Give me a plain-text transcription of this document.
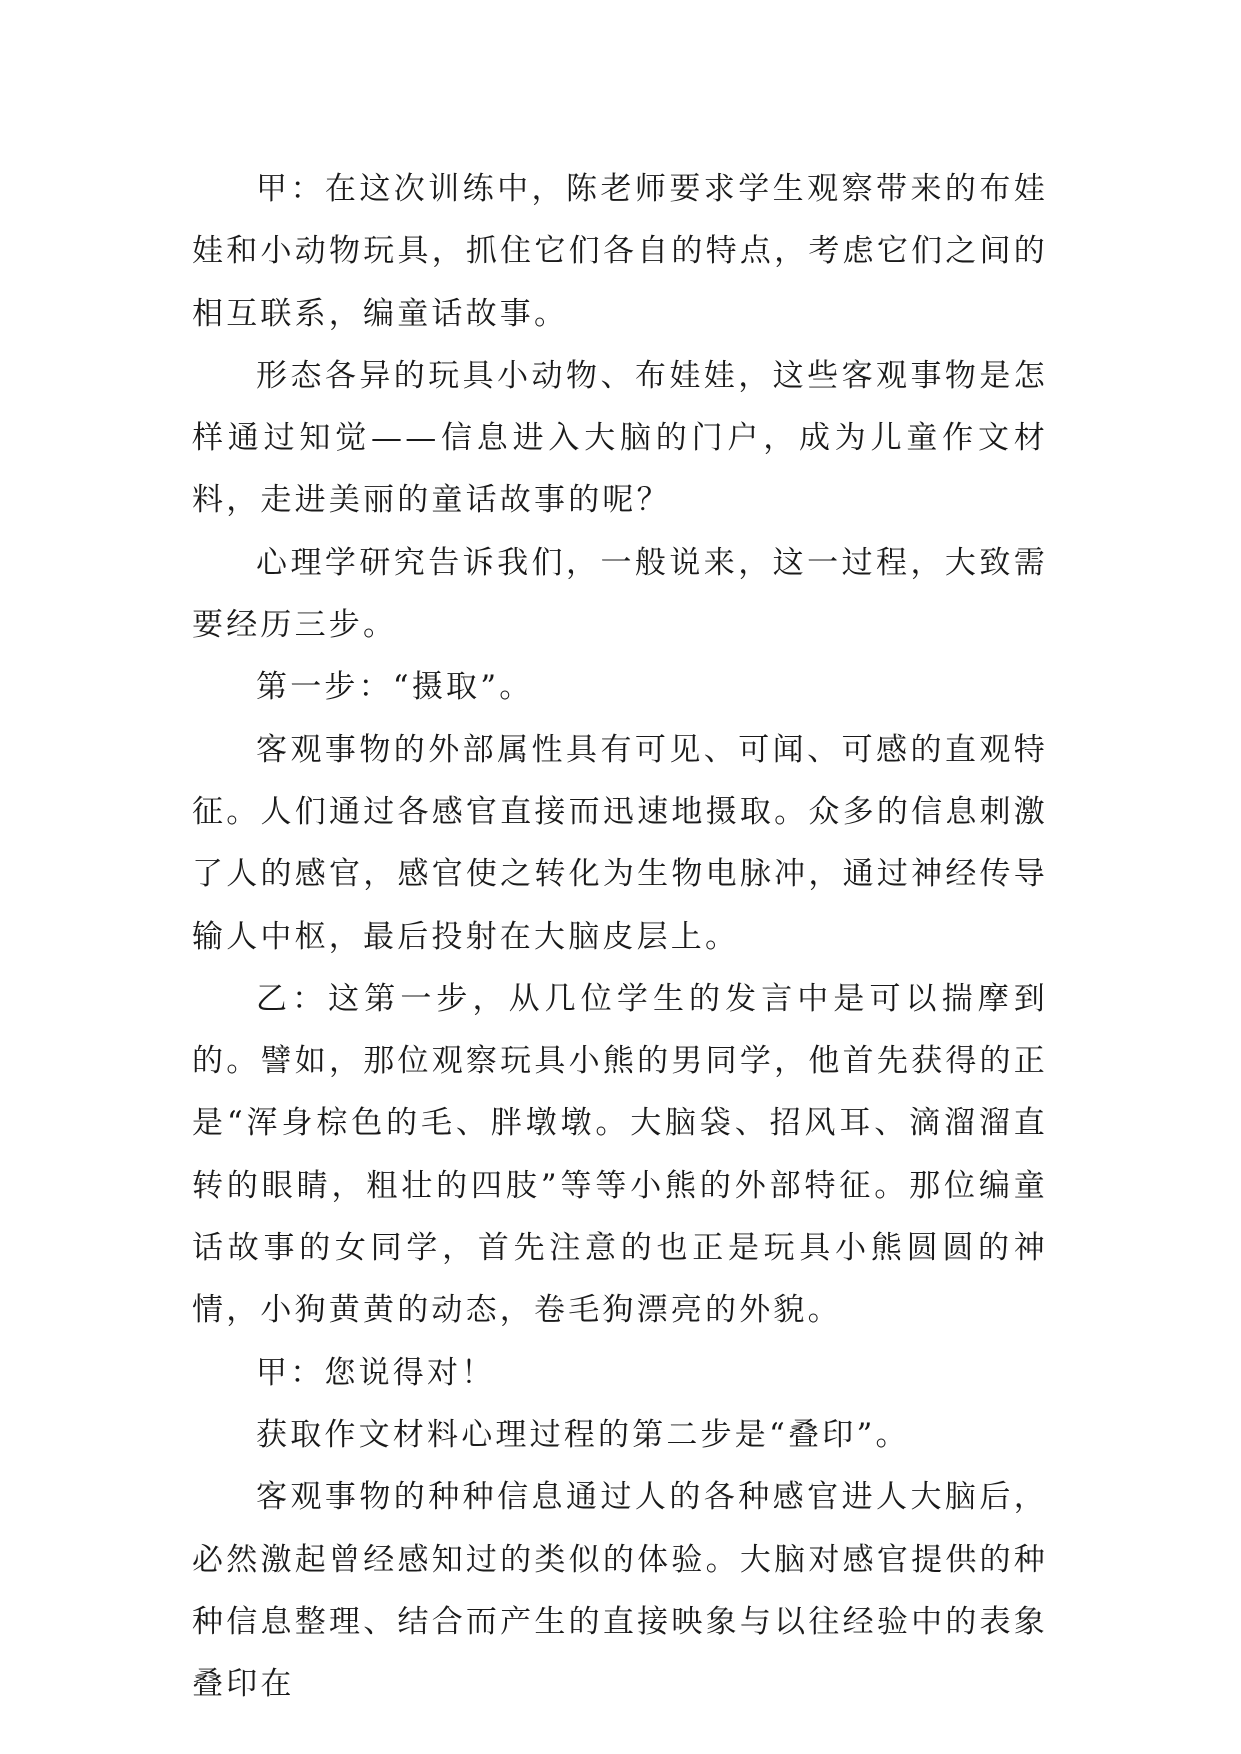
甲：在这次训练中，陈老师要求学生观察带来的布娃娃和小动物玩具，抓住它们各自的特点，考虑它们之间的相互联系，编童话故事。

形态各异的玩具小动物、布娃娃，这些客观事物是怎样通过知觉——信息进入大脑的门户，成为儿童作文材料，走进美丽的童话故事的呢？

心理学研究告诉我们，一般说来，这一过程，大致需要经历三步。

第一步：“摄取”。

客观事物的外部属性具有可见、可闻、可感的直观特征。人们通过各感官直接而迅速地摄取。众多的信息刺激了人的感官，感官使之转化为生物电脉冲，通过神经传导输人中枢，最后投射在大脑皮层上。

乙：这第一步，从几位学生的发言中是可以揣摩到的。譬如，那位观察玩具小熊的男同学，他首先获得的正是“浑身棕色的毛、胖墩墩。大脑袋、招风耳、滴溜溜直转的眼睛，粗壮的四肢”等等小熊的外部特征。那位编童话故事的女同学，首先注意的也正是玩具小熊圆圆的神情，小狗黄黄的动态，卷毛狗漂亮的外貌。

甲：您说得对！

获取作文材料心理过程的第二步是“叠印”。

客观事物的种种信息通过人的各种感官进人大脑后，必然激起曾经感知过的类似的体验。大脑对感官提供的种种信息整理、结合而产生的直接映象与以往经验中的表象叠印在
